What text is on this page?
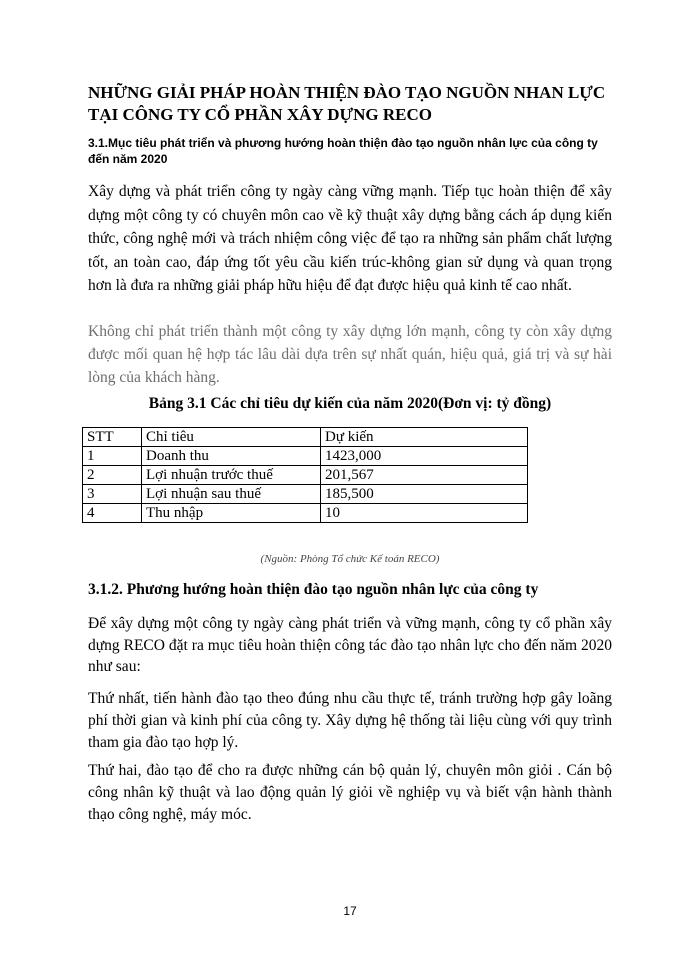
NHỮNG GIẢI PHÁP HOÀN THIỆN ĐÀO TẠO NGUỒN NHAN LỰC TẠI CÔNG TY CỔ PHẦN XÂY DỰNG RECO
3.1.Mục tiêu phát triển và phương hướng hoàn thiện đào tạo nguồn nhân lực của công ty đến năm 2020

Xây dựng và phát triển công ty ngày càng vững mạnh. Tiếp tục hoàn thiện để xây dựng một công ty có chuyên môn cao về kỹ thuật xây dựng bằng cách áp dụng kiến thức, công nghệ mới và trách nhiệm công việc để tạo ra những sản phẩm chất lượng tốt, an toàn cao, đáp ứng tốt yêu cầu kiến trúc-không gian sử dụng và quan trọng hơn là đưa ra những giải pháp hữu hiệu để đạt được hiệu quả kinh tế cao nhất.

Không chỉ phát triển thành một công ty xây dựng lớn mạnh, công ty còn xây dựng được mối quan hệ hợp tác lâu dài dựa trên sự nhất quán, hiệu quả, giá trị và sự hài lòng của khách hàng.

Bảng 3.1 Các chỉ tiêu dự kiến của năm 2020(Đơn vị: tỷ đồng)

STT	Chỉ tiêu	Dự kiến
1	Doanh thu	1423,000
2	Lợi nhuận trước thuế	201,567
3	Lợi nhuận sau thuế	185,500
4	Thu nhập	10

(Nguồn: Phòng Tổ chức Kế toán RECO)

3.1.2. Phương hướng hoàn thiện đào tạo nguồn nhân lực của công ty

Để xây dựng một công ty ngày càng phát triển và vững mạnh, công ty cổ phần xây dựng RECO đặt ra mục tiêu hoàn thiện công tác đào tạo nhân lực cho đến năm 2020 như sau:

Thứ nhất, tiến hành đào tạo theo đúng nhu cầu thực tế, tránh trường hợp gây loãng phí thời gian và kinh phí của công ty. Xây dựng hệ thống tài liệu cùng với quy trình tham gia đào tạo hợp lý.

Thứ hai, đào tạo để cho ra được những cán bộ quản lý, chuyên môn giỏi . Cán bộ công nhân kỹ thuật và lao động quản lý giỏi về nghiệp vụ và biết vận hành thành thạo công nghệ, máy móc.

17
